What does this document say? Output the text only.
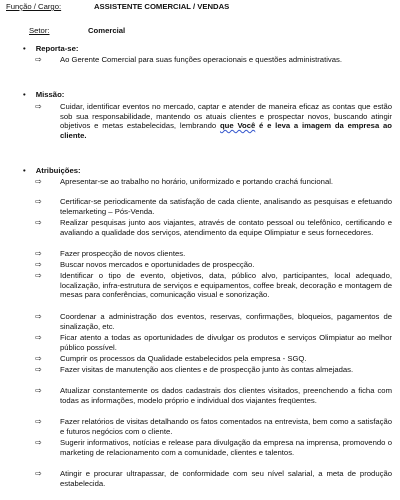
Função / Cargo:	ASSISTENTE COMERCIAL / VENDAS
Setor:	Comercial
• Reporta-se:
⇨ Ao Gerente Comercial para suas funções operacionais e questões administrativas.
• Missão:
⇨ Cuidar, identificar eventos no mercado, captar e atender de maneira eficaz as contas que estão sob sua responsabilidade, mantendo os atuais clientes e prospectar novos, buscando atingir objetivos e metas estabelecidas, lembrando que Você é e leva a imagem da empresa ao cliente.
• Atribuições:
⇨ Apresentar-se ao trabalho no horário, uniformizado e portando crachá funcional.
⇨ Certificar-se periodicamente da satisfação de cada cliente, analisando as pesquisas e efetuando telemarketing – Pós-Venda.
⇨ Realizar pesquisas junto aos viajantes, através de contato pessoal ou telefônico, certificando e avaliando a qualidade dos serviços, atendimento da equipe Olimpiatur e seus fornecedores.
⇨ Fazer prospecção de novos clientes.
⇨ Buscar novos mercados e oportunidades de prospecção.
⇨ Identificar o tipo de evento, objetivos, data, público alvo, participantes, local adequado, localização, infra-estrutura de serviços e equipamentos, coffee break, decoração e montagem de mesas para conferências, comunicação visual e sonorização.
⇨ Coordenar a administração dos eventos, reservas, confirmações, bloqueios, pagamentos de sinalização, etc.
⇨ Ficar atento a todas as oportunidades de divulgar os produtos e serviços Olimpiatur ao melhor público possível.
⇨ Cumprir os processos da Qualidade estabelecidos pela empresa - SGQ.
⇨ Fazer visitas de manutenção aos clientes e de prospecção junto às contas almejadas.
⇨ Atualizar constantemente os dados cadastrais dos clientes visitados, preenchendo a ficha com todas as informações, modelo próprio e individual dos viajantes freqüentes.
⇨ Fazer relatórios de visitas detalhando os fatos comentados na entrevista, bem como a satisfação e futuros negócios com o cliente.
⇨ Sugerir informativos, notícias e release para divulgação da empresa na imprensa, promovendo o marketing de relacionamento com a comunidade, clientes e talentos.
⇨ Atingir e procurar ultrapassar, de conformidade com seu nível salarial, a meta de produção estabelecida.
